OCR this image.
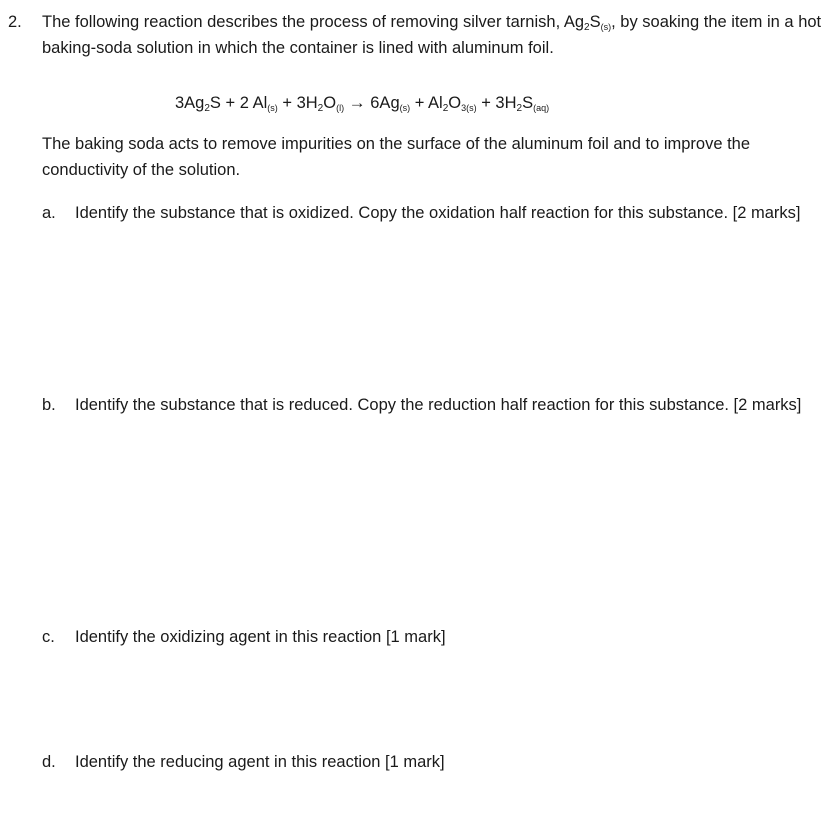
2. The following reaction describes the process of removing silver tarnish, $Ag_2S_{(s)}$, by soaking the item in a hot baking-soda solution in which the container is lined with aluminum foil.
$3Ag_2S + 2$ $Al_{(s)} + 3H_2O_{(l)} \to 6Ag_{(s)} + Al_2O_{3(s)} + 3H_2S_{(aq)}$
The baking soda acts to remove impurities on the surface of the aluminum foil and to improve the conductivity of the solution.
a. Identify the substance that is oxidized. Copy the oxidation half reaction for this substance. [2 marks]
b. Identify the substance that is reduced. Copy the reduction half reaction for this substance. [2 marks]
c. Identify the oxidizing agent in this reaction [1 mark]
d. Identify the reducing agent in this reaction [1 mark]
